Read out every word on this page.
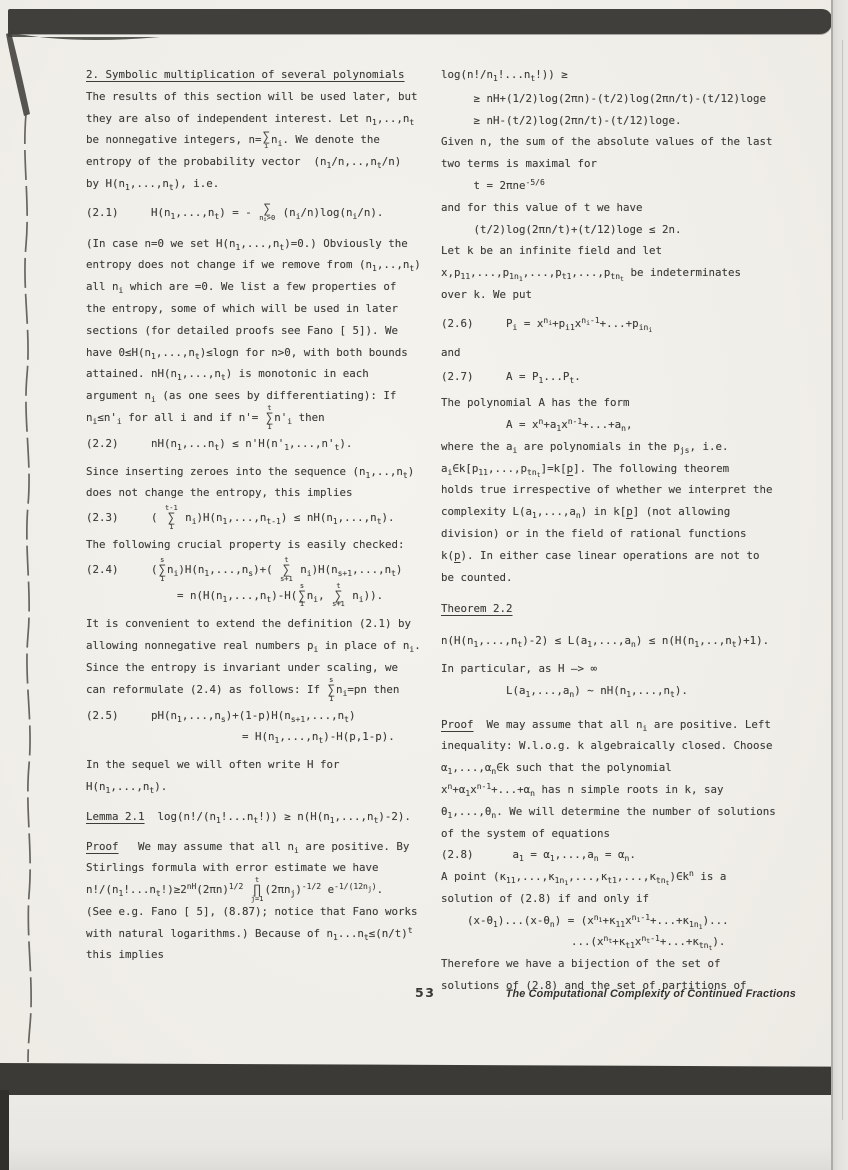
2. Symbolic multiplication of several polynomials
The results of this section will be used later, but
they are also of independent interest. Let $n_1,..,n_t$
be nonnegative integers, n= ∑
i $n_i$. We denote the
entropy of the probability vector  $(n_1/n,..,n_t/n)$
by $H(n_1,...,n_t)$, i.e.
(2.1)     $H(n_1,...,n_t)$ = - ∑
$n_i>0$ $(n_i/n)\log(n_i/n)$.
(In case n=0 we set $H(n_1,...,n_t)=0$.) Obviously the
entropy does not change if we remove from $(n_1,..,n_t)$
all $n_i$ which are =0. We list a few properties of
the entropy, some of which will be used in later
sections (for detailed proofs see Fano [ 5]). We
have $0\le H(n_1,...,n_t)\le\log n$ for n>0, with both bounds
attained. $nH(n_1,...,n_t)$ is monotonic in each
argument $n_i$ (as one sees by differentiating): If
$n_i\le n'_i$ for all i and if n'=
t
∑
1
$n'_i$ then
(2.2)     $nH(n_1,...n_t) \le n'H(n'_1,...,n'_t)$.
Since inserting zeroes into the sequence $(n_1,..,n_t)$
does not change the entropy, this implies
(2.3)     (
t-1
∑
1
$n_i)H(n_1,...,n_{t-1}) \le nH(n_1,...,n_t)$.
The following crucial property is easily checked:
(2.4)     (
s
∑
1
$n_i)H(n_1,...,n_s)+$(
t
∑
s+1
$n_i)H(n_{s+1},...,n_t)$
= $n(H(n_1,...,n_t)-H$(
s
∑
1
$n_i$,
t
∑
s+1
$n_i$)).
It is convenient to extend the definition (2.1) by
allowing nonnegative real numbers $p_i$ in place of $n_i$.
Since the entropy is invariant under scaling, we
can reformulate (2.4) as follows: If
s
∑
1
$n_i=pn$ then
(2.5)     $pH(n_1,...,n_s)+(1-p)H(n_{s+1},...,n_t)$
= $H(n_1,...,n_t)-H(p,1-p)$.
In the sequel we will often write H for
$H(n_1,...,n_t)$.
Lemma 2.1  $\log(n!/(n_1!...n_t!)) \ge n(H(n_1,...,n_t)-2)$.
Proof   We may assume that all $n_i$ are positive. By
Stirlings formula with error estimate we have
$n!/(n_1!...n_t!)\ge 2^{nH}(2\pi n)^{1/2}$
t
∏
j=1
$(2\pi n_j)^{-1/2}$ $e^{-1/(12n_j)}$.
(See e.g. Fano [ 5], (8.87); notice that Fano works
with natural logarithms.) Because of $n_1...n_t\le(n/t)^t$
this implies
$\log(n!/n_1!...n_t!)$) ≥
≥ nH+(1/2)log(2πn)-(t/2)log(2πn/t)-(t/12)loge
≥ nH-(t/2)log(2πn/t)-(t/12)loge.
Given n, the sum of the absolute values of the last
two terms is maximal for
t = 2πne$^{-5/6}$
and for this value of t we have
(t/2)log(2πn/t)+(t/12)loge ≤ 2n.
Let k be an infinite field and let
$x,p_{11},...,p_{1n_1},...,p_{t1},...,p_{tn_t}$ be indeterminates
over k. We put
(2.6)     $P_i = x^{n_i}+p_{i1}x^{n_i-1}+...+p_{in_i}$
and
(2.7)     $A = P_1...P_t$.
The polynomial A has the form
$A = x^n+a_1x^{n-1}+...+a_n$,
where the $a_i$ are polynomials in the $p_{js}$, i.e.
$a_i\in k[p_{11},...,p_{tn_t}]=k[p]$. The following theorem
holds true irrespective of whether we interpret the
complexity $L(a_1,...,a_n)$ in k[p] (not allowing
division) or in the field of rational functions
k(p). In either case linear operations are not to
be counted.
Theorem 2.2
$n(H(n_1,...,n_t)-2) \le L(a_1,...,a_n) \le n(H(n_1,..,n_t)+1)$.
In particular, as H —> ∞
$L(a_1,...,a_n)$ ∼ $nH(n_1,...,n_t)$.
Proof  We may assume that all $n_i$ are positive. Left
inequality: W.l.o.g. k algebraically closed. Choose
$\alpha_1,...,\alpha_n\in k$ such that the polynomial
$x^n+\alpha_1x^{n-1}+...+\alpha_n$ has n simple roots in k, say
$\theta_1,...,\theta_n$. We will determine the number of solutions
of the system of equations
(2.8)      $a_1 = \alpha_1,...,a_n = \alpha_n$.
A point $(\kappa_{11},...,\kappa_{1n_1},...,\kappa_{t1},...,\kappa_{tn_t})\in k^n$ is a
solution of (2.8) if and only if
$(x-\theta_1)...(x-\theta_n) = (x^{n_1}+\kappa_{11}x^{n_1-1}+...+\kappa_{1n_1})$...
$...(x^{n_t}+\kappa_{t1}x^{n_t-1}+...+\kappa_{tn_t})$.
Therefore we have a bijection of the set of
solutions of (2.8) and the set of partitions of
53	The Computational Complexity of Continued Fractions
